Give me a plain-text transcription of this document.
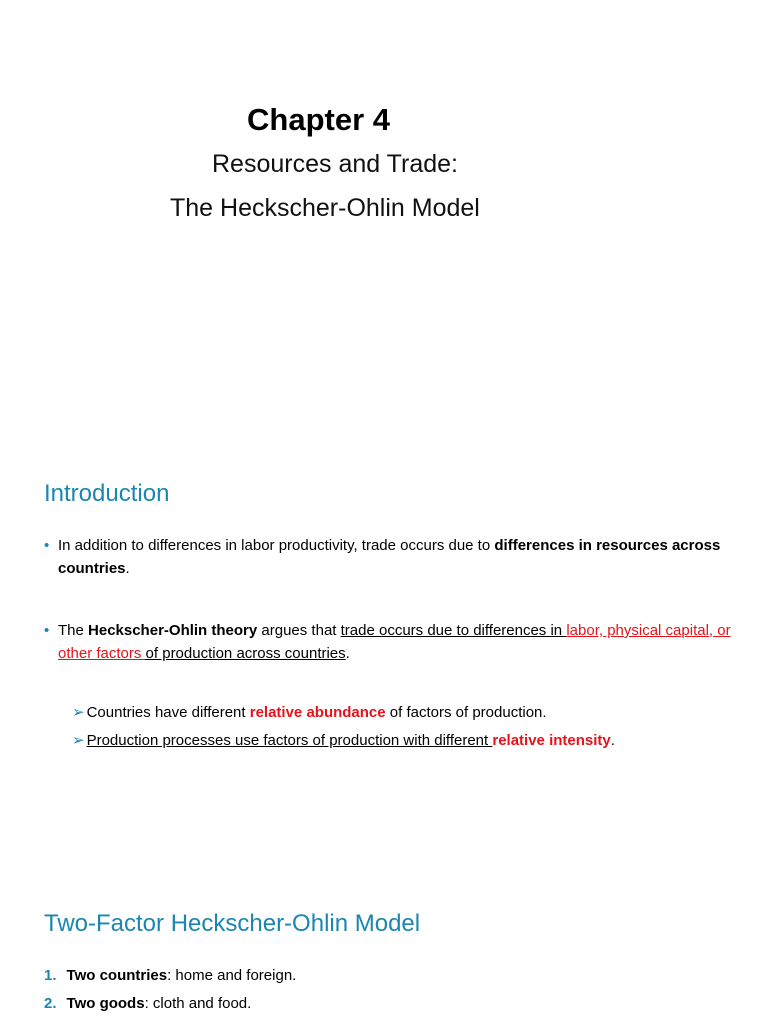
Chapter 4
Resources and Trade:
The Heckscher-Ohlin Model
Introduction
• In addition to differences in labor productivity, trade occurs due to differences in resources across countries.
• The Heckscher-Ohlin theory argues that trade occurs due to differences in labor, physical capital, or other factors of production across countries.
➢ Countries have different relative abundance of factors of production.
➢ Production processes use factors of production with different relative intensity.
Two-Factor Heckscher-Ohlin Model
1. Two countries: home and foreign.
2. Two goods: cloth and food.
